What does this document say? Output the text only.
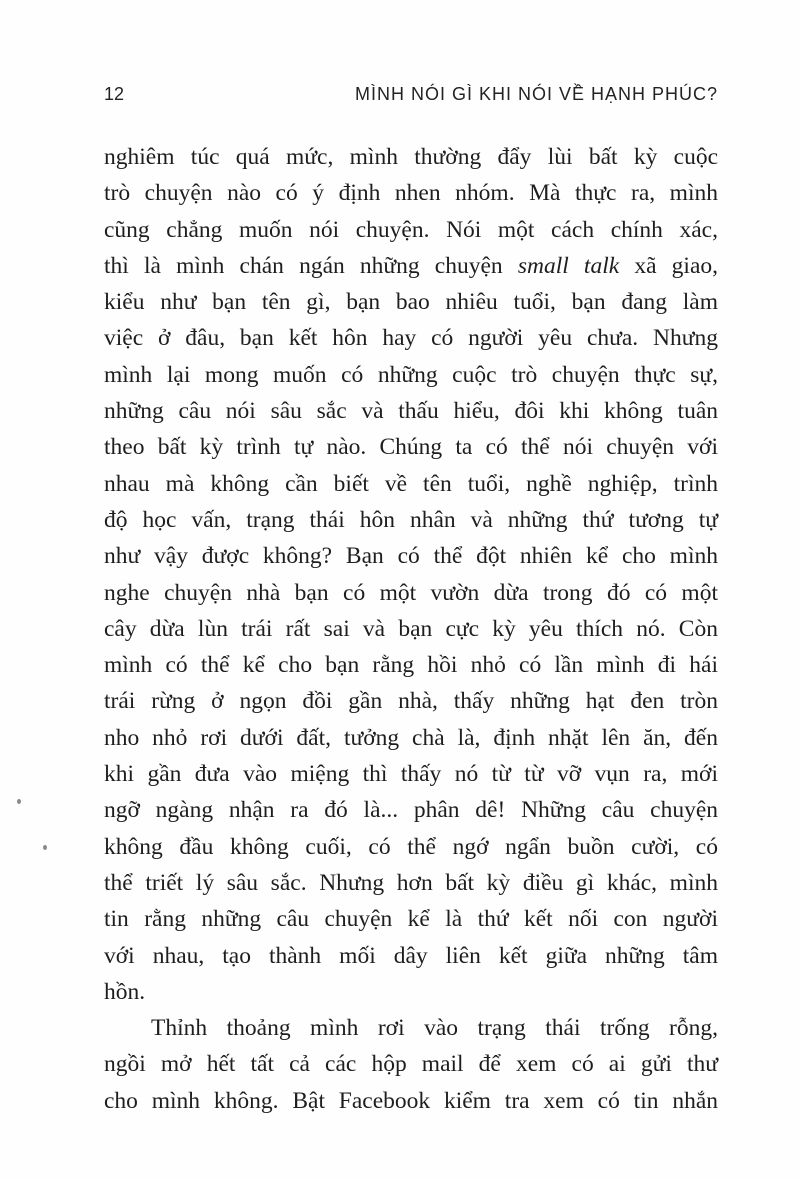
12	MÌNH NÓI GÌ KHI NÓI VỀ HẠNH PHÚC?
nghiêm túc quá mức, mình thường đẩy lùi bất kỳ cuộc
trò chuyện nào có ý định nhen nhóm. Mà thực ra, mình
cũng chẳng muốn nói chuyện. Nói một cách chính xác,
thì là mình chán ngán những chuyện small talk xã giao,
kiểu như bạn tên gì, bạn bao nhiêu tuổi, bạn đang làm
việc ở đâu, bạn kết hôn hay có người yêu chưa. Nhưng
mình lại mong muốn có những cuộc trò chuyện thực sự,
những câu nói sâu sắc và thấu hiểu, đôi khi không tuân
theo bất kỳ trình tự nào. Chúng ta có thể nói chuyện với
nhau mà không cần biết về tên tuổi, nghề nghiệp, trình
độ học vấn, trạng thái hôn nhân và những thứ tương tự
như vậy được không? Bạn có thể đột nhiên kể cho mình
nghe chuyện nhà bạn có một vườn dừa trong đó có một
cây dừa lùn trái rất sai và bạn cực kỳ yêu thích nó. Còn
mình có thể kể cho bạn rằng hồi nhỏ có lần mình đi hái
trái rừng ở ngọn đồi gần nhà, thấy những hạt đen tròn
nho nhỏ rơi dưới đất, tưởng chà là, định nhặt lên ăn, đến
khi gần đưa vào miệng thì thấy nó từ từ vỡ vụn ra, mới
ngỡ ngàng nhận ra đó là... phân dê! Những câu chuyện
không đầu không cuối, có thể ngớ ngẩn buồn cười, có
thể triết lý sâu sắc. Nhưng hơn bất kỳ điều gì khác, mình
tin rằng những câu chuyện kể là thứ kết nối con người
với nhau, tạo thành mối dây liên kết giữa những tâm
hồn.
Thỉnh thoảng mình rơi vào trạng thái trống rỗng,
ngồi mở hết tất cả các hộp mail để xem có ai gửi thư
cho mình không. Bật Facebook kiểm tra xem có tin nhắn
